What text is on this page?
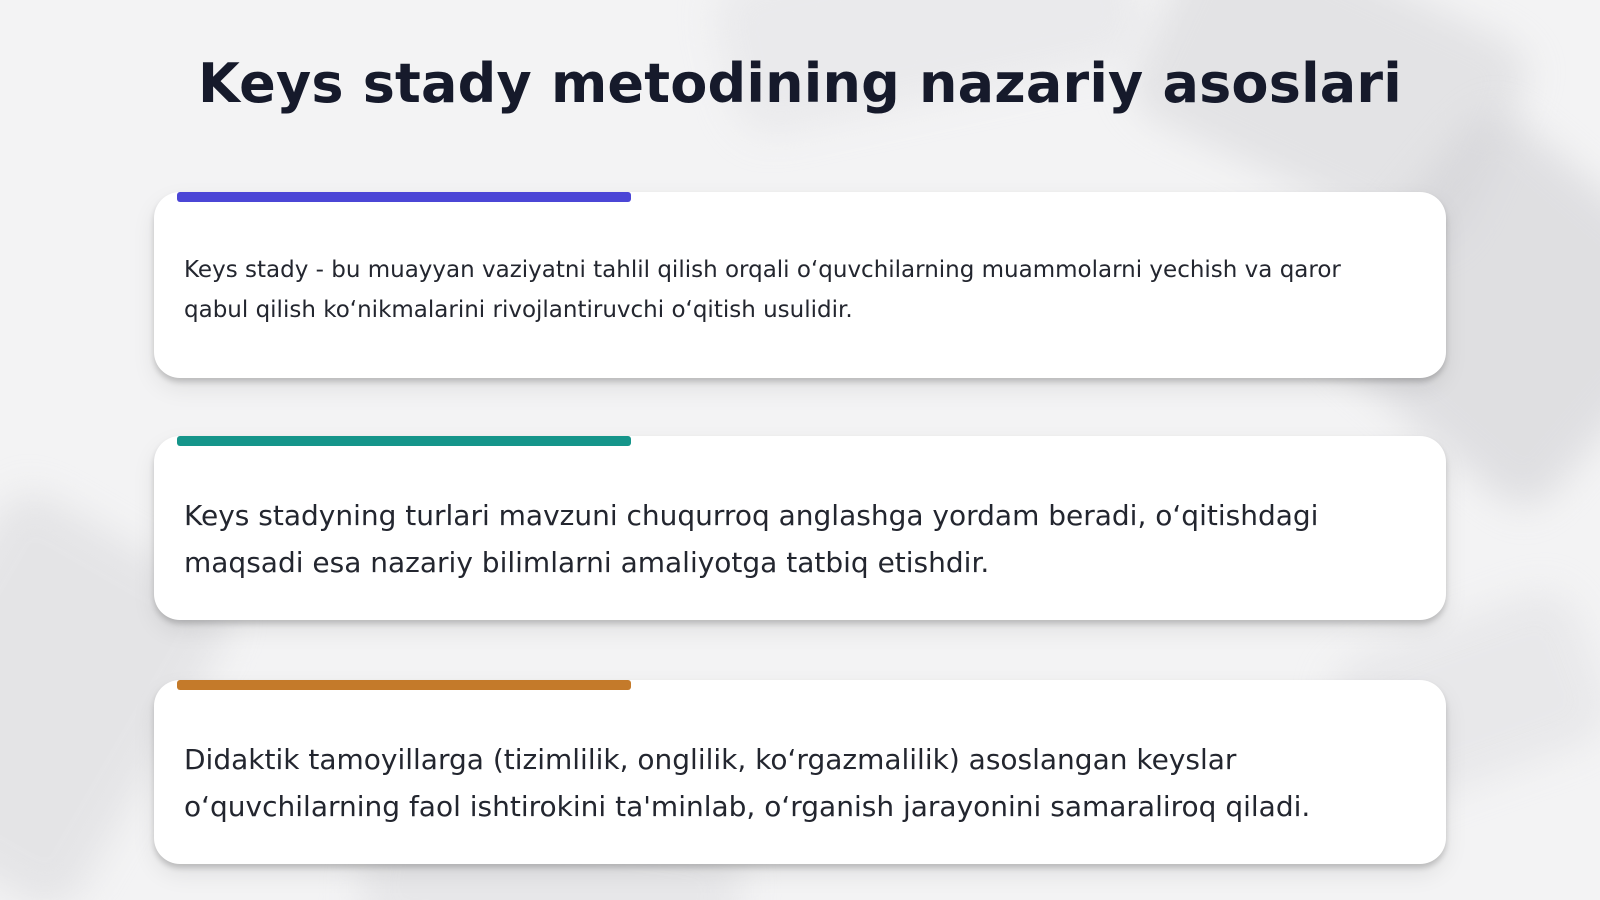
Keys stady metodining nazariy asoslari

Keys stady - bu muayyan vaziyatni tahlil qilish orqali o‘quvchilarning muammolarni yechish va qaror qabul qilish ko‘nikmalarini rivojlantiruvchi o‘qitish usulidir.

Keys stadyning turlari mavzuni chuqurroq anglashga yordam beradi, o‘qitishdagi maqsadi esa nazariy bilimlarni amaliyotga tatbiq etishdir.

Didaktik tamoyillarga (tizimlilik, onglilik, ko‘rgazmalilik) asoslangan keyslar o‘quvchilarning faol ishtirokini ta'minlab, o‘rganish jarayonini samaraliroq qiladi.
